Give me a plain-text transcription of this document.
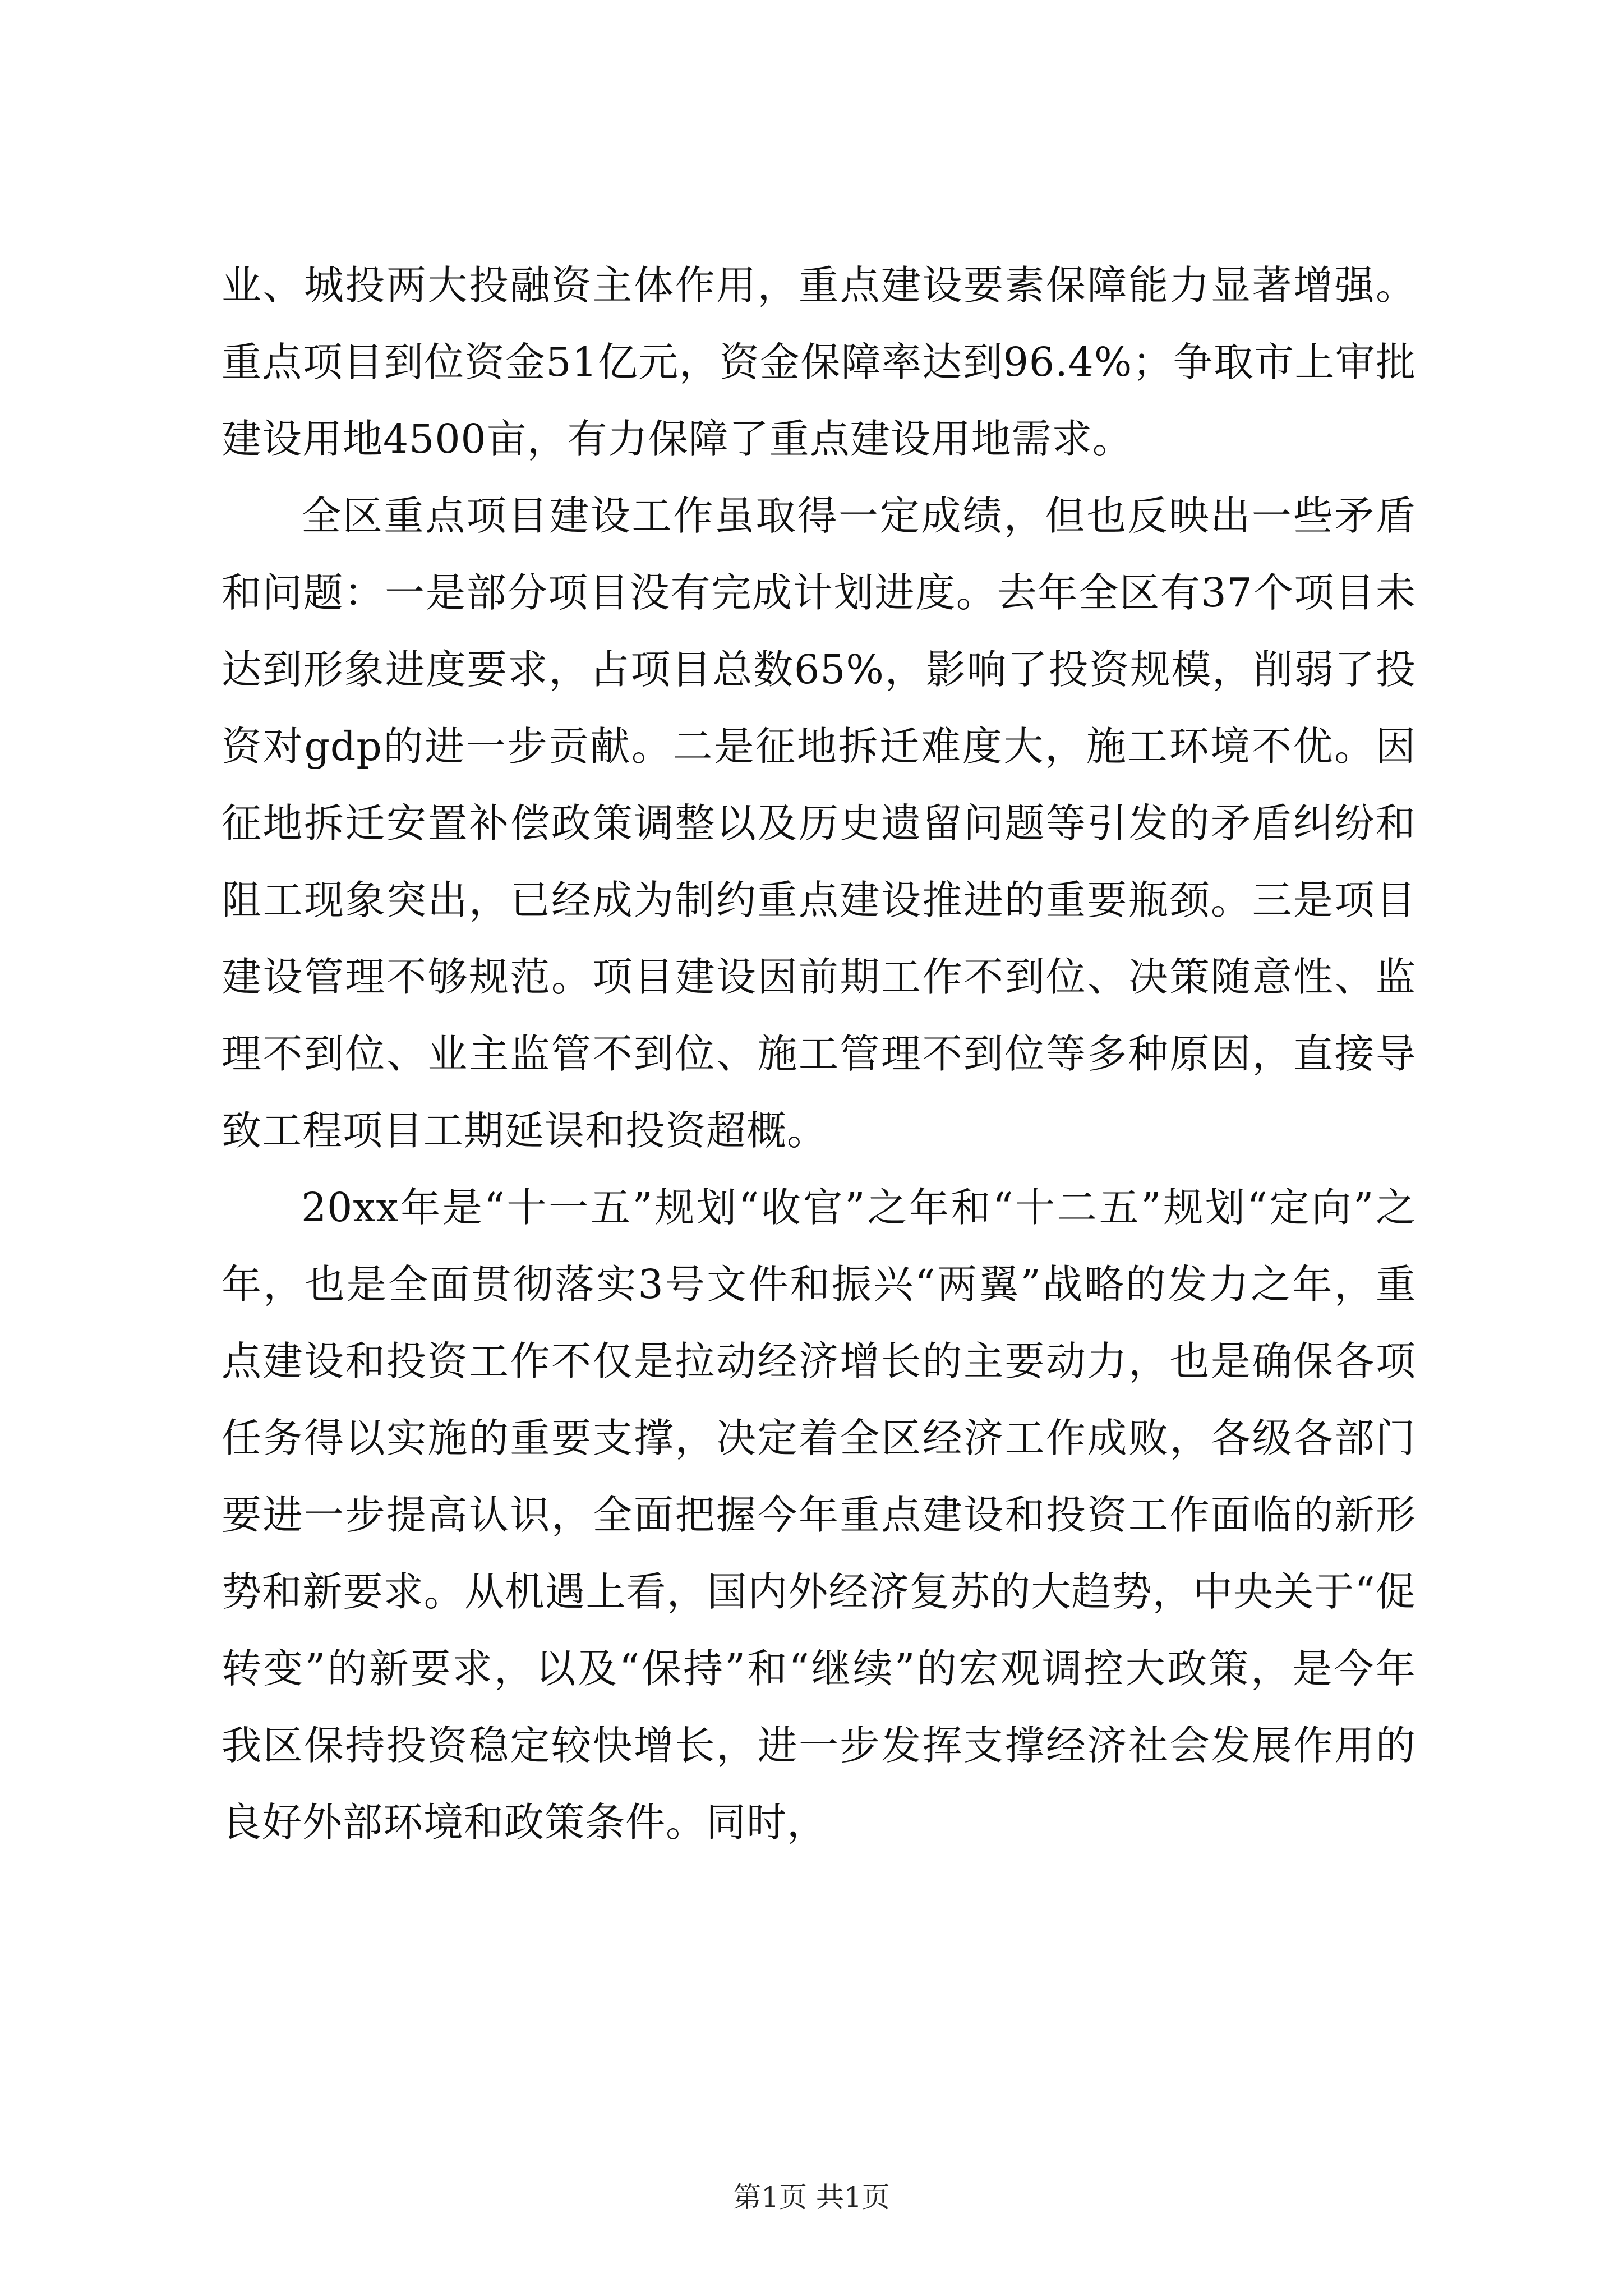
业、城投两大投融资主体作用，重点建设要素保障能力显著增强。重点项目到位资金51亿元，资金保障率达到96.4%；争取市上审批建设用地4500亩，有力保障了重点建设用地需求。

全区重点项目建设工作虽取得一定成绩，但也反映出一些矛盾和问题：一是部分项目没有完成计划进度。去年全区有37个项目未达到形象进度要求，占项目总数65%，影响了投资规模，削弱了投资对gdp的进一步贡献。二是征地拆迁难度大，施工环境不优。因征地拆迁安置补偿政策调整以及历史遗留问题等引发的矛盾纠纷和阻工现象突出，已经成为制约重点建设推进的重要瓶颈。三是项目建设管理不够规范。项目建设因前期工作不到位、决策随意性、监理不到位、业主监管不到位、施工管理不到位等多种原因，直接导致工程项目工期延误和投资超概。

20xx年是“十一五”规划“收官”之年和“十二五”规划“定向”之年，也是全面贯彻落实3号文件和振兴“两翼”战略的发力之年，重点建设和投资工作不仅是拉动经济增长的主要动力，也是确保各项任务得以实施的重要支撑，决定着全区经济工作成败，各级各部门要进一步提高认识，全面把握今年重点建设和投资工作面临的新形势和新要求。从机遇上看，国内外经济复苏的大趋势，中央关于“促转变”的新要求，以及“保持”和“继续”的宏观调控大政策，是今年我区保持投资稳定较快增长，进一步发挥支撑经济社会发展作用的良好外部环境和政策条件。同时，

第1页 共1页
